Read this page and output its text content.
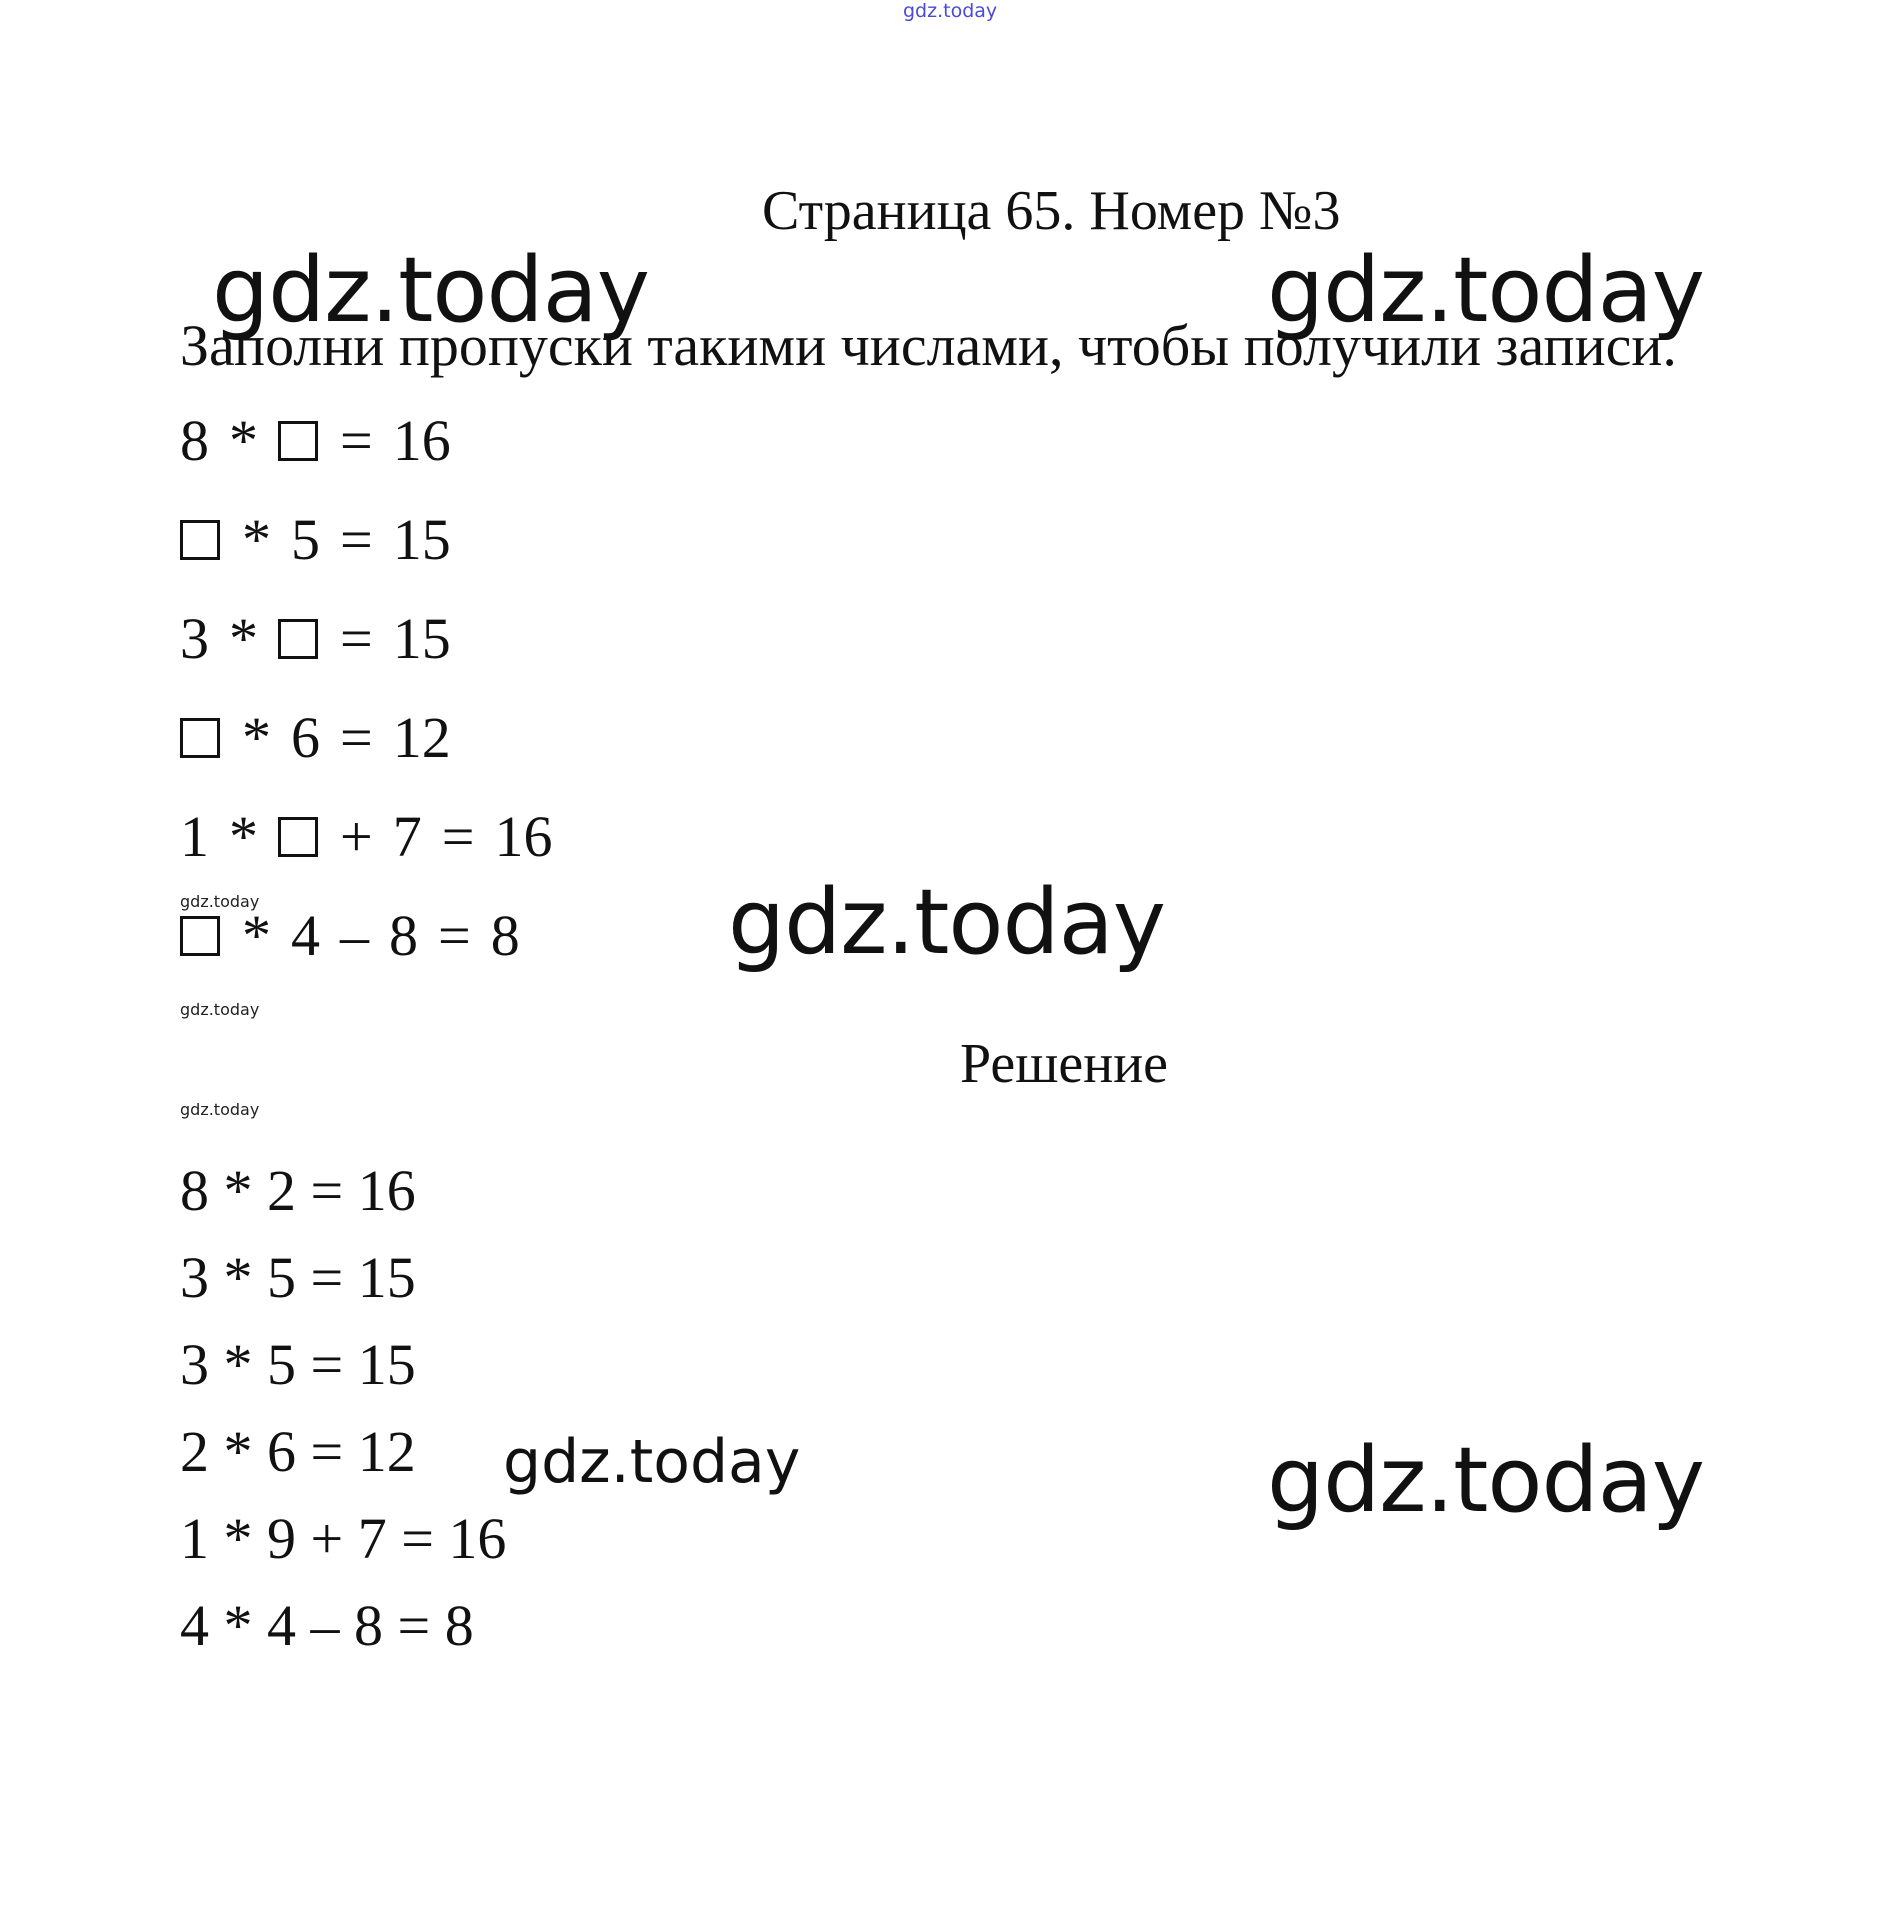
gdz.today
gdz.today	gdz.today
gdz.today
gdz.today
gdz.today
gdz.today
gdz.today
gdz.today
Страница 65. Номер №3
Заполни пропуски такими числами, чтобы получили записи.
8 * = 16
* 5 = 15
3 * = 15
* 6 = 12
1 * + 7 = 16
* 4 – 8 = 8
Решение
8 * 2 = 16
3 * 5 = 15
3 * 5 = 15
2 * 6 = 12
1 * 9 + 7 = 16
4 * 4 – 8 = 8
